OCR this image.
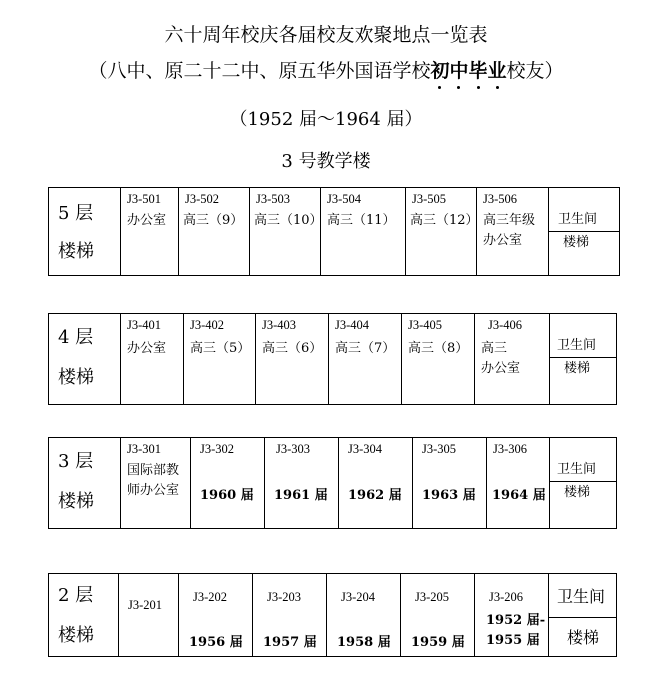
六十周年校庆各届校友欢聚地点一览表
（八中、原二十二中、原五华外国语学校初中毕业校友）
（1952 届～1964 届）
3 号教学楼
5 层
楼梯
J3-501
办公室
J3-502
高三（9）
J3-503
高三（10）
J3-504
高三（11）
J3-505
高三（12）
J3-506
高三年级
办公室
卫生间
楼梯
4 层
楼梯
J3-401
办公室
J3-402
高三（5）
J3-403
高三（6）
J3-404
高三（7）
J3-405
高三（8）
J3-406
高三
办公室
卫生间
楼梯
3 层
楼梯
J3-301
国际部教
师办公室
J3-302
1960 届
J3-303
1961 届
J3-304
1962 届
J3-305
1963 届
J3-306
1964 届
卫生间
楼梯
2 层
楼梯
J3-201
J3-202
1956 届
J3-203
1957 届
J3-204
1958 届
J3-205
1959 届
J3-206
1952 届-
1955 届
卫生间
楼梯
